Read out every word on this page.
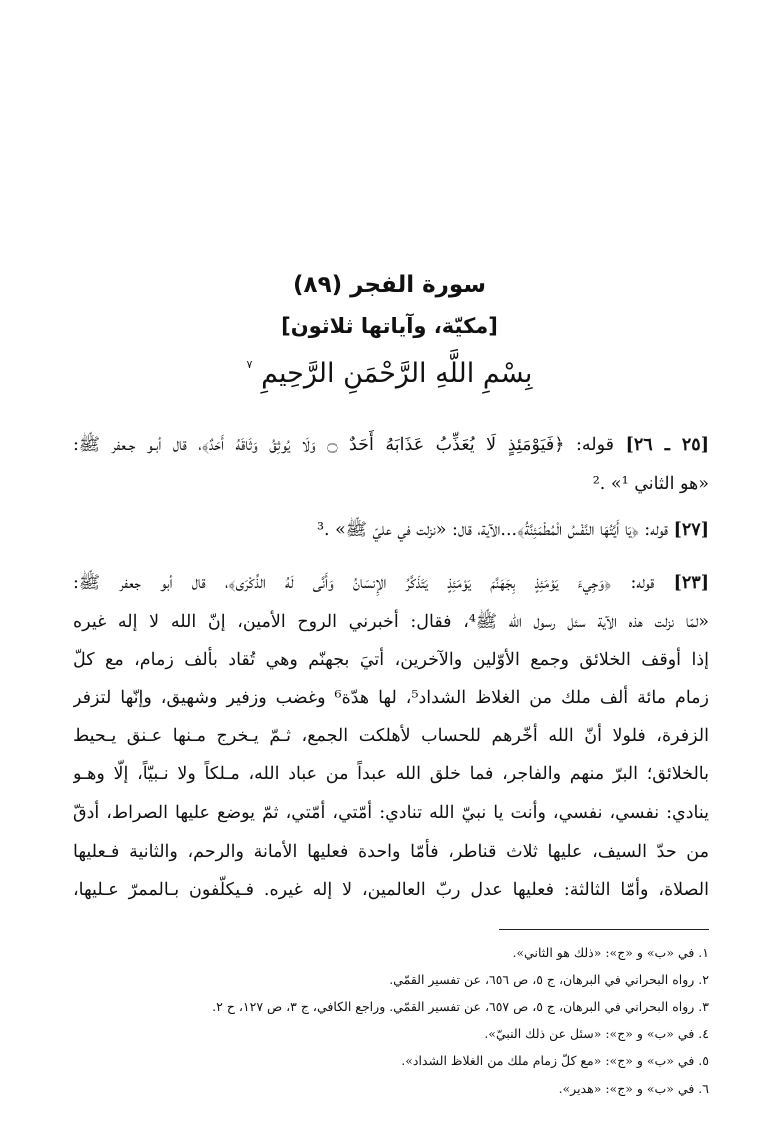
سورة الفجر (٨٩)
[مكيّة، وآياتها ثلاثون]
بِسْمِ اللَّهِ الرَّحْمَنِ الرَّحِيمِ $^٧$
[٢٥ ـ ٢٦] قوله: ﴿فَيَوْمَئِذٍ لَا يُعَذِّبُ عَذَابَهُ أَحَدٌ ۝ وَلَا يُوثِقُ وَثَاقَهُ أَحَدٌ﴾، قال أبـو جـعفر ﷺ:
«هو الثاني ¹» .²
[٢٧] قوله: ﴿يَا أَيَّتُهَا النَّفْسُ الْمُطْمَئِنَّةُ﴾...الآية، قال: «نزلت في عليّ ﷺ» .³
[٢٣] قوله: ﴿وَجِيءَ يَوْمَئِذٍ بِجَهَنَّمَ يَوْمَئِذٍ يَتَذَكَّرُ الإِنسَانُ وَأَنَّى لَهُ الذِّكْرَى﴾، قال أبو جعفر ﷺ:
«لمّا نزلت هذه الآية سئل رسول الله ﷺ⁴، فقال: أخبرني الروح الأمين، إنّ الله لا إله غيره
إذا أوقف الخلائق وجمع الأوّلين والآخرين، أتيَ بجهنّم وهي تُقاد بألف زمام، مع كلّ
زمام مائة ألف ملك من الغلاظ الشداد⁵، لها هدّة⁶ وغضب وزفير وشهيق، وإنّها لتزفر
الزفرة، فلولا أنّ الله أخّرهم للحساب لأهلكت الجمع، ثـمّ يـخرج مـنها عـنق يـحيط
بالخلائق؛ البرّ منهم والفاجر، فما خلق الله عبداً من عباد الله، مـلكاً ولا نـبيّاً، إلّا وهـو
ينادي: نفسي، نفسي، وأنت يا نبيّ الله تنادي: أمّتي، أمّتي، ثمّ يوضع عليها الصراط، أدقّ
من حدّ السيف، عليها ثلاث قناطر، فأمّا واحدة فعليها الأمانة والرحم، والثانية فـعليها
الصلاة، وأمّا الثالثة: فعليها عدل ربّ العالمين، لا إله غيره. فـيكلّفون بـالممرّ عـليها،
١. في «ب» و «ج»: «ذلك هو الثاني».
٢. رواه البحراني في البرهان، ج ٥، ص ٦٥٦، عن تفسير القمّي.
٣. رواه البحراني في البرهان، ج ٥، ص ٦٥٧، عن تفسير القمّي. وراجع الكافي، ج ٣، ص ١٢٧، ح ٢.
٤. في «ب» و «ج»: «سئل عن ذلك النبيّ».
٥. في «ب» و «ج»: «مع كلّ زمام ملك من الغلاظ الشداد».
٦. في «ب» و «ج»: «هدير».
